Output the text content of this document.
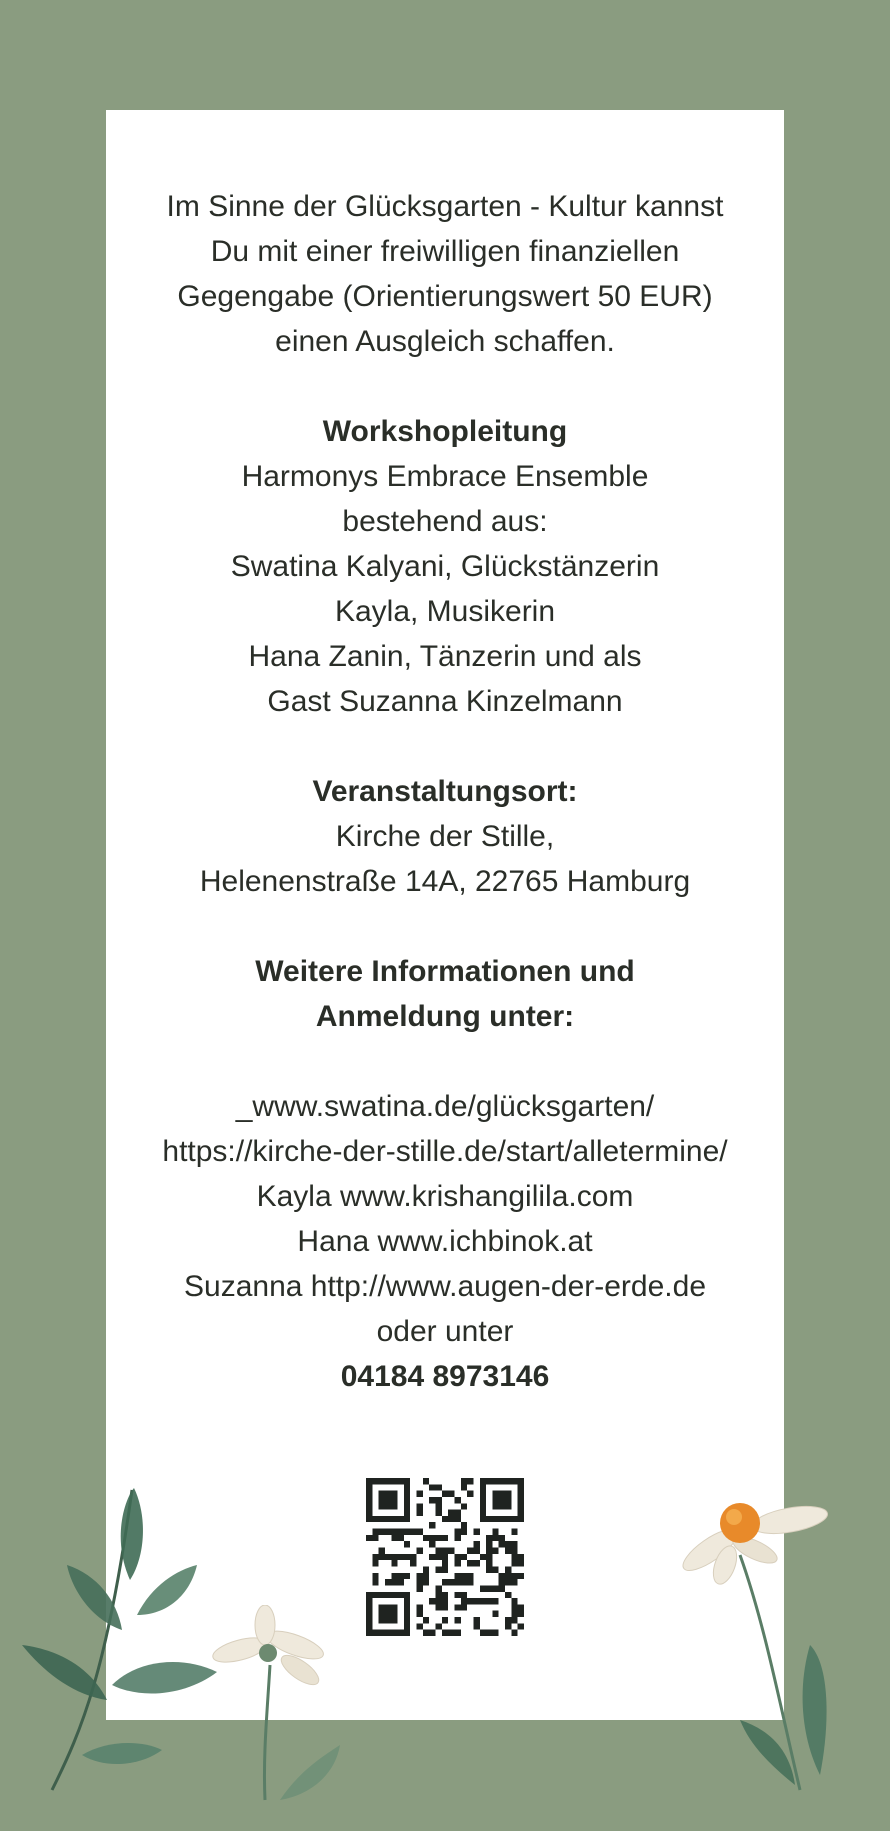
Im Sinne der Glücksgarten - Kultur kannst
Du mit einer freiwilligen finanziellen
Gegengabe (Orientierungswert 50 EUR)
einen Ausgleich schaffen.
Workshopleitung
Harmonys Embrace Ensemble
bestehend aus:
Swatina Kalyani, Glückstänzerin
Kayla, Musikerin
Hana Zanin, Tänzerin und als
Gast Suzanna Kinzelmann
Veranstaltungsort:
Kirche der Stille,
Helenenstraße 14A, 22765 Hamburg
Weitere Informationen und
Anmeldung unter:
_www.swatina.de/glücksgarten/
https://kirche-der-stille.de/start/alletermine/
Kayla www.krishangilila.com
Hana www.ichbinok.at
Suzanna http://www.augen-der-erde.de
oder unter
04184 8973146
